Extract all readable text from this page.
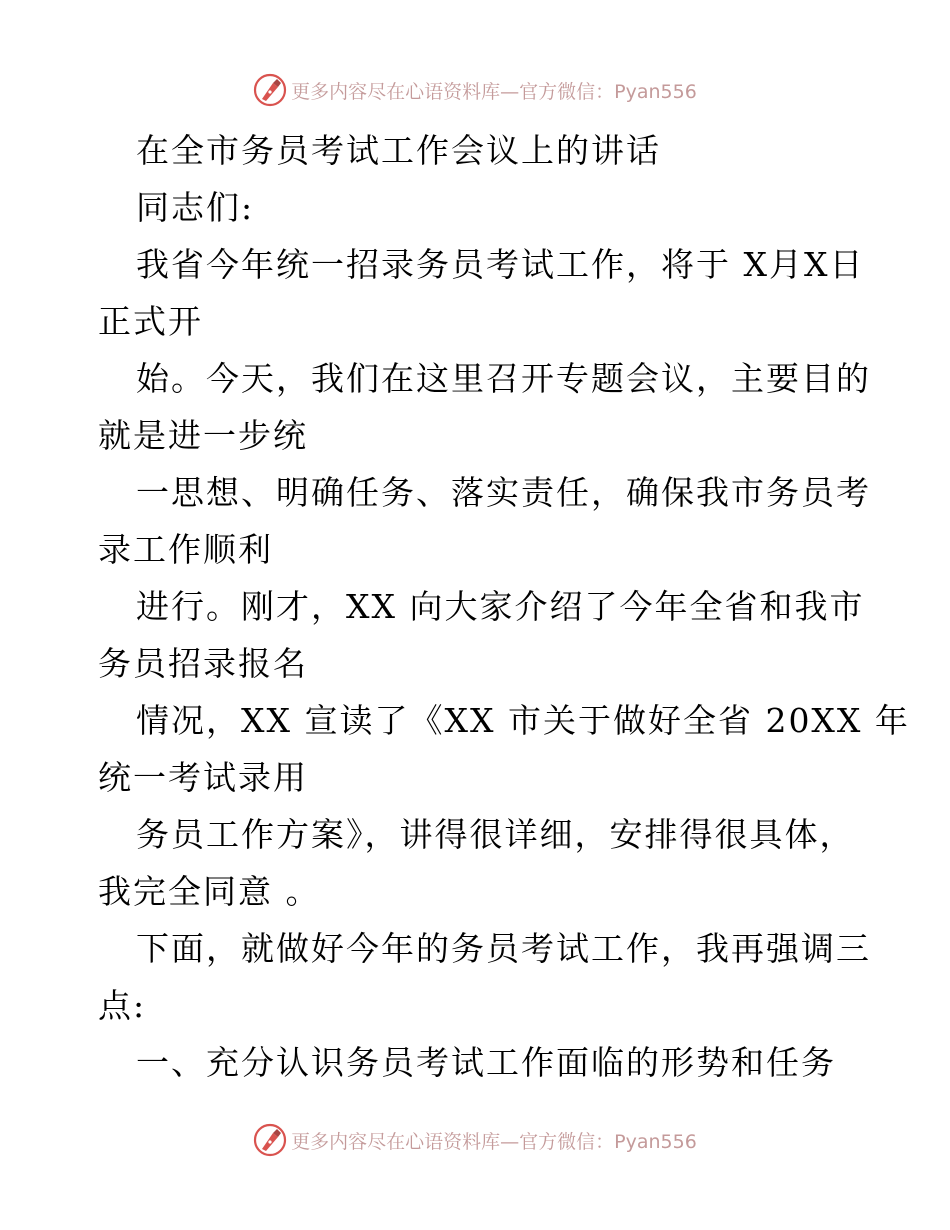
更多内容尽在心语资料库— 官方微信：Pyan556
在全市务员考试工作会议上的讲话
同志们:
我省今年统一招录务员考试工作，将于 X月X日
正式开
始。今天，我们在这里召开专题会议，主要目的
就是进一步统
一思想、明确任务、落实责任，确保我市务员考
录工作顺利
进行。刚才，XX 向大家介绍了今年全省和我市
务员招录报名
情况，XX 宣读了《XX 市关于做好全省 20XX 年
统一考试录用
务员工作方案》，讲得很详细，安排得很具体，
我完全同意 。
下面，就做好今年的务员考试工作，我再强调三
点:
一、充分认识务员考试工作面临的形势和任务
更多内容尽在心语资料库— 官方微信：Pyan556
